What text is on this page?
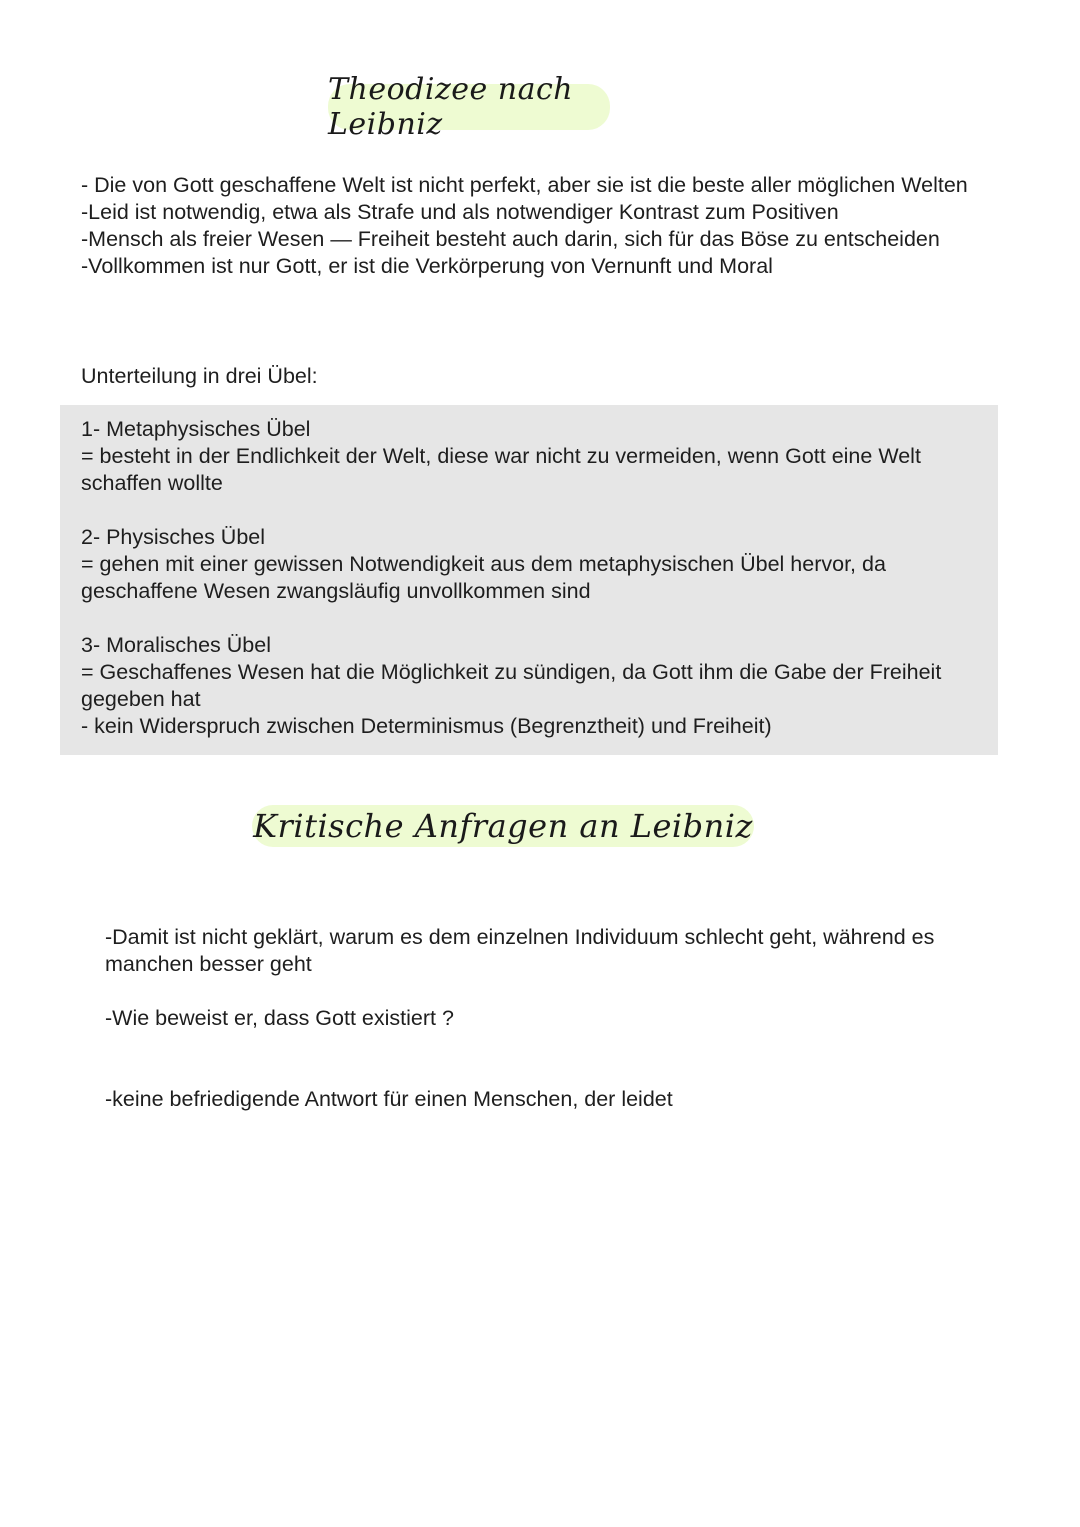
Theodizee nach Leibniz

- Die von Gott geschaffene Welt ist nicht perfekt, aber sie ist die beste aller möglichen Welten

-Leid ist notwendig, etwa als Strafe und als notwendiger Kontrast zum Positiven

-Mensch als freier Wesen — Freiheit besteht auch darin, sich für das Böse zu entscheiden

-Vollkommen ist nur Gott, er ist die Verkörperung von Vernunft und Moral

Unterteilung in drei Übel:

1- Metaphysisches Übel

= besteht in der Endlichkeit der Welt, diese war nicht zu vermeiden, wenn Gott eine Welt schaffen wollte

2- Physisches Übel

= gehen mit einer gewissen Notwendigkeit aus dem metaphysischen Übel hervor, da geschaffene Wesen zwangsläufig unvollkommen sind

3- Moralisches Übel

= Geschaffenes Wesen hat die Möglichkeit zu sündigen, da Gott ihm die Gabe der Freiheit gegeben hat

- kein Widerspruch zwischen Determinismus (Begrenztheit) und Freiheit)

Kritische Anfragen an Leibniz

-Damit ist nicht geklärt, warum es dem einzelnen Individuum schlecht geht, während es manchen besser geht

-Wie beweist er, dass Gott existiert ?

-keine befriedigende Antwort für einen Menschen, der leidet
